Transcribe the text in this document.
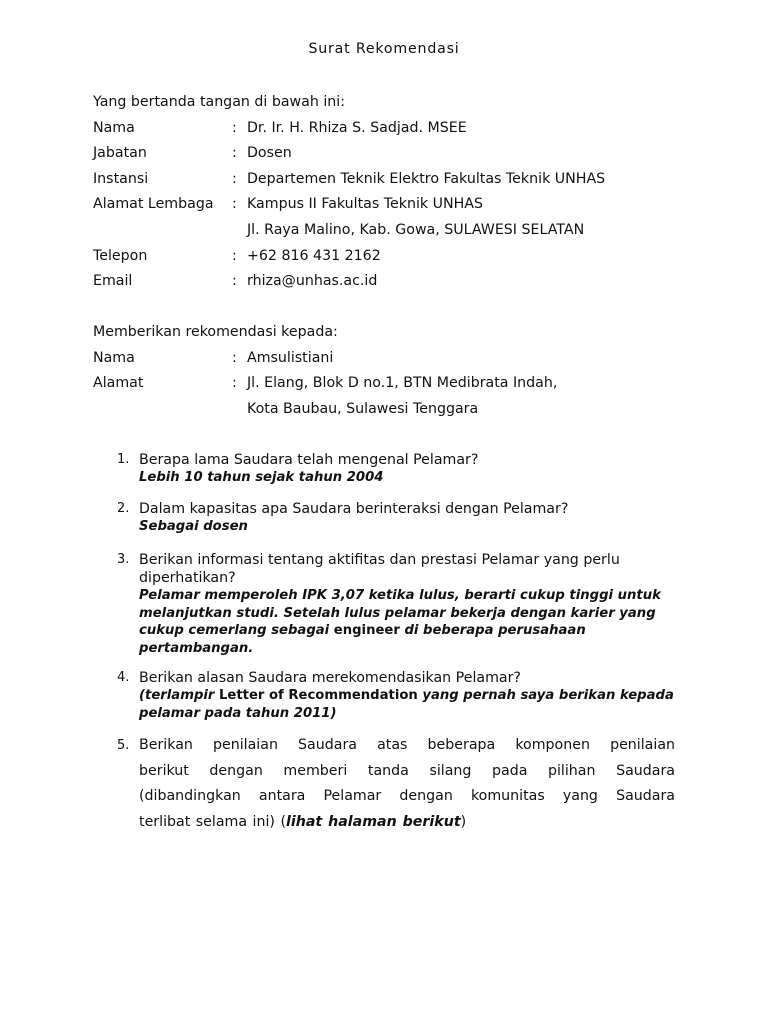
Surat Rekomendasi
Yang bertanda tangan di bawah ini:
Nama	: Dr. Ir. H. Rhiza S. Sadjad. MSEE
Jabatan	: Dosen
Instansi	: Departemen Teknik Elektro Fakultas Teknik UNHAS
Alamat Lembaga : Kampus II Fakultas Teknik UNHAS
Jl. Raya Malino, Kab. Gowa, SULAWESI SELATAN
Telepon	: +62 816 431 2162
Email	: rhiza@unhas.ac.id
Memberikan rekomendasi kepada:
Nama	: Amsulistiani
Alamat	: Jl. Elang, Blok D no.1, BTN Medibrata Indah,
Kota Baubau, Sulawesi Tenggara
1. Berapa lama Saudara telah mengenal Pelamar?
Lebih 10 tahun sejak tahun 2004
2. Dalam kapasitas apa Saudara berinteraksi dengan Pelamar?
Sebagai dosen
3. Berikan informasi tentang aktifitas dan prestasi Pelamar yang perlu
diperhatikan?
Pelamar memperoleh IPK 3,07 ketika lulus, berarti cukup tinggi untuk
melanjutkan studi. Setelah lulus pelamar bekerja dengan karier yang
cukup cemerlang sebagai engineer di beberapa perusahaan
pertambangan.
4. Berikan alasan Saudara merekomendasikan Pelamar?
(terlampir Letter of Recommendation yang pernah saya berikan kepada
pelamar pada tahun 2011)
5. Berikan penilaian Saudara atas beberapa komponen penilaian
berikut dengan memberi tanda silang pada pilihan Saudara
(dibandingkan antara Pelamar dengan komunitas yang Saudara
terlibat selama ini) (lihat halaman berikut)
